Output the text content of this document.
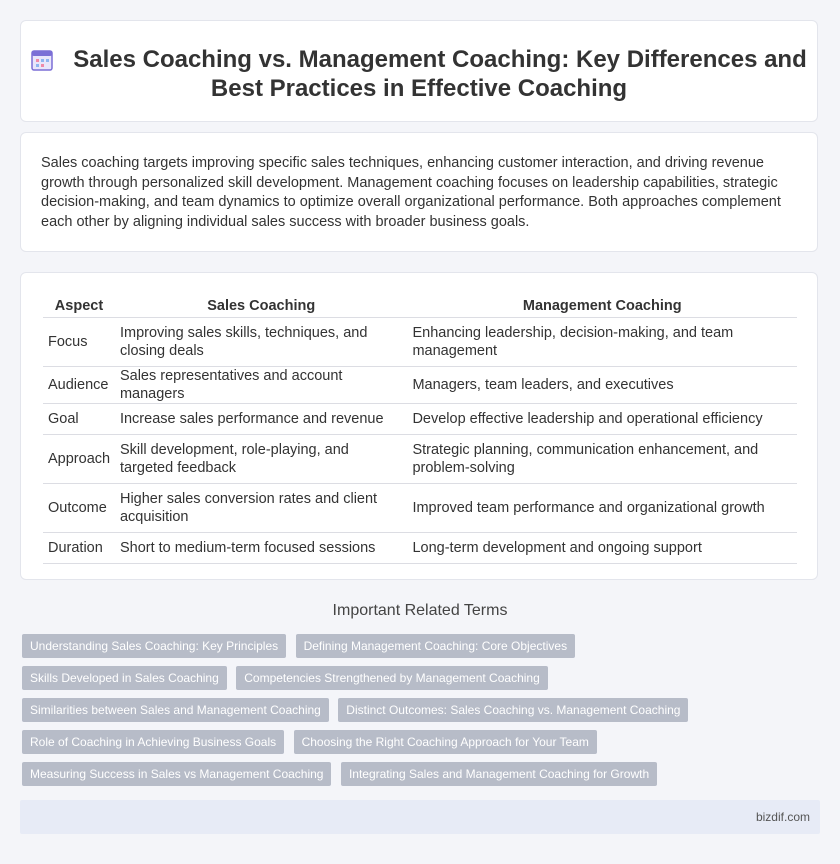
Sales Coaching vs. Management Coaching: Key Differences and Best Practices in Effective Coaching

Sales coaching targets improving specific sales techniques, enhancing customer interaction, and driving revenue growth through personalized skill development. Management coaching focuses on leadership capabilities, strategic decision-making, and team dynamics to optimize overall organizational performance. Both approaches complement each other by aligning individual sales success with broader business goals.

Aspect	Sales Coaching	Management Coaching
Focus	Improving sales skills, techniques, and closing deals	Enhancing leadership, decision-making, and team management
Audience	Sales representatives and account managers	Managers, team leaders, and executives
Goal	Increase sales performance and revenue	Develop effective leadership and operational efficiency
Approach	Skill development, role-playing, and targeted feedback	Strategic planning, communication enhancement, and problem-solving
Outcome	Higher sales conversion rates and client acquisition	Improved team performance and organizational growth
Duration	Short to medium-term focused sessions	Long-term development and ongoing support
Important Related Terms
Understanding Sales Coaching: Key Principles Defining Management Coaching: Core Objectives Skills Developed in Sales Coaching Competencies Strengthened by Management Coaching Similarities between Sales and Management Coaching Distinct Outcomes: Sales Coaching vs. Management Coaching Role of Coaching in Achieving Business Goals Choosing the Right Coaching Approach for Your Team Measuring Success in Sales vs Management Coaching Integrating Sales and Management Coaching for Growth
bizdif.com
